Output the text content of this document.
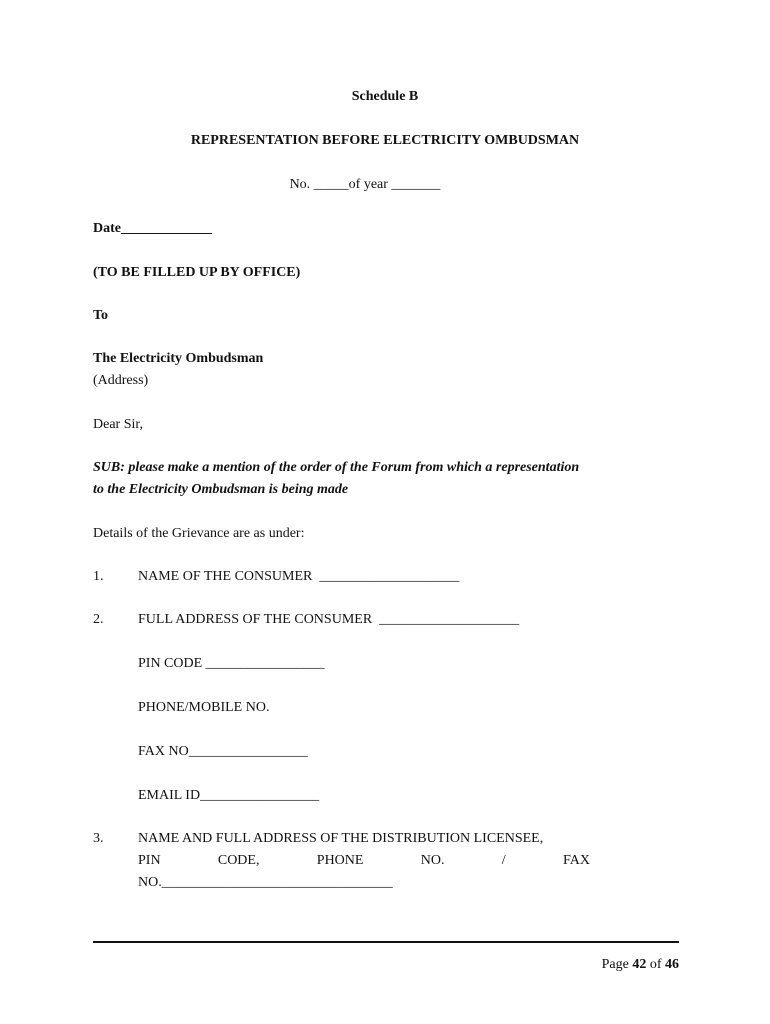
Schedule B
REPRESENTATION BEFORE ELECTRICITY OMBUDSMAN
No. _____of year _______
Date_____________
(TO BE FILLED UP BY OFFICE)
To
The Electricity Ombudsman
(Address)
Dear Sir,
SUB: please make a mention of the order of the Forum from which a representation
to the Electricity Ombudsman is being made
Details of the Grievance are as under:
1. NAME OF THE CONSUMER  ____________________
2. FULL ADDRESS OF THE CONSUMER  ____________________
PIN CODE _________________
PHONE/MOBILE NO.
FAX NO_________________
EMAIL ID_________________
3. NAME AND FULL ADDRESS OF THE DISTRIBUTION LICENSEE,
PIN	CODE,	PHONE	NO.	/	FAX
NO._________________________________
Page 42 of 46
